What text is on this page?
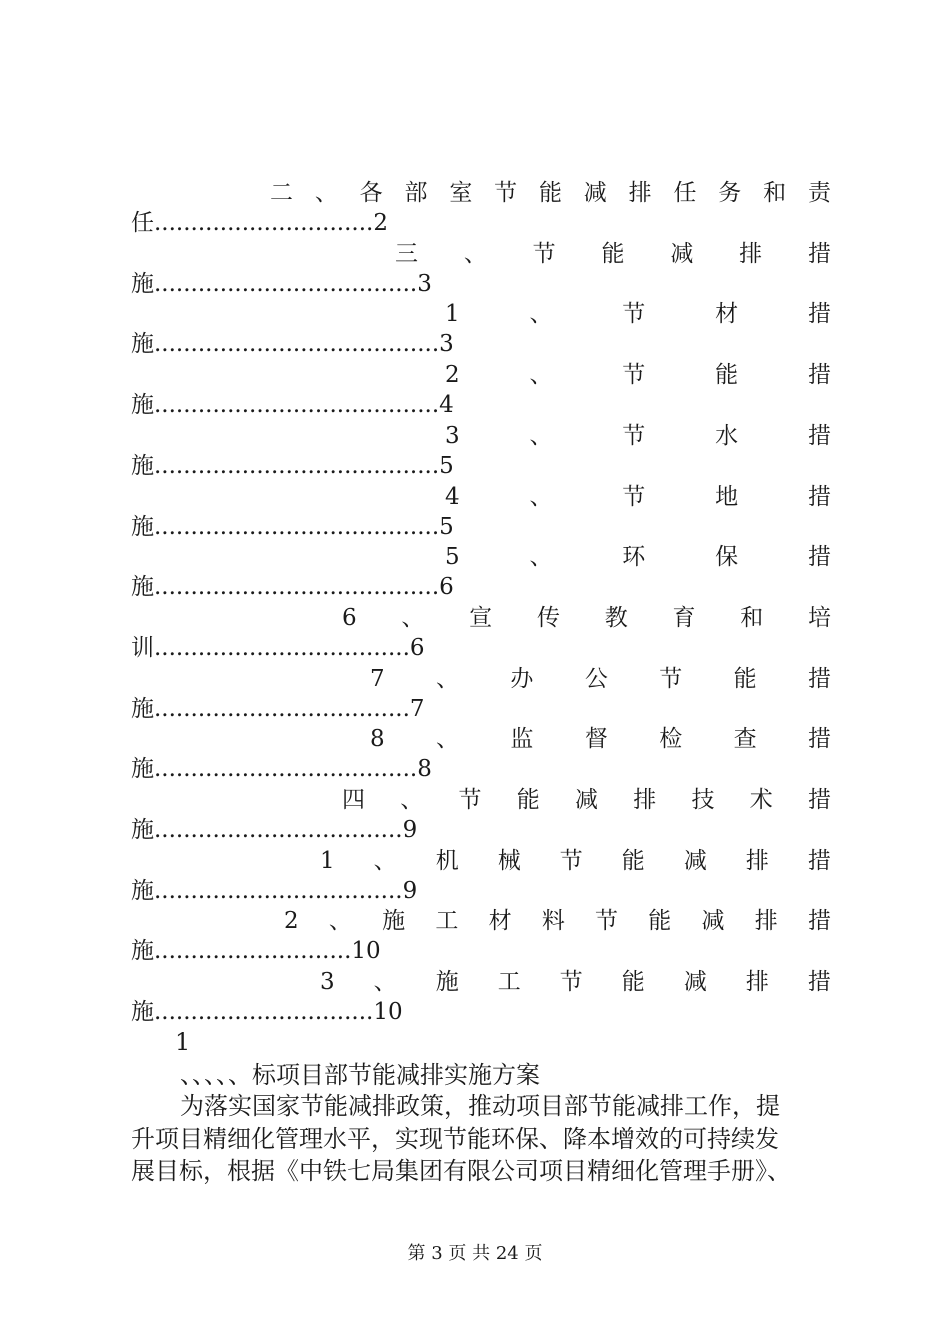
二 、 各 部 室 节 能 减 排 任 务 和 责
任..............................2
三 、 节 能 减 排 措
施....................................3
1	、	节	材	措
施.......................................3
2	、	节	能	措
施.......................................4
3	、	节	水	措
施.......................................5
4	、	节	地	措
施.......................................5
5	、	环	保	措
施.......................................6
6 、 宣 传 教 育 和 培
训...................................6
7 、 办 公 节 能 措
施...................................7
8 、 监 督 检 查 措
施....................................8
四 、 节 能 减 排 技 术 措
施..................................9
1 、 机 械 节 能 减 排 措
施..................................9
2 、 施 工 材 料 节 能 减 排 措
施...........................10
3 、 施 工 节 能 减 排 措
施..............................10
1
、、、、、标项目部节能减排实施方案
为落实国家节能减排政策，推动项目部节能减排工作，提
升项目精细化管理水平，实现节能环保、降本增效的可持续发
展目标，根据《中铁七局集团有限公司项目精细化管理手册》、
第 3 页 共 24 页
